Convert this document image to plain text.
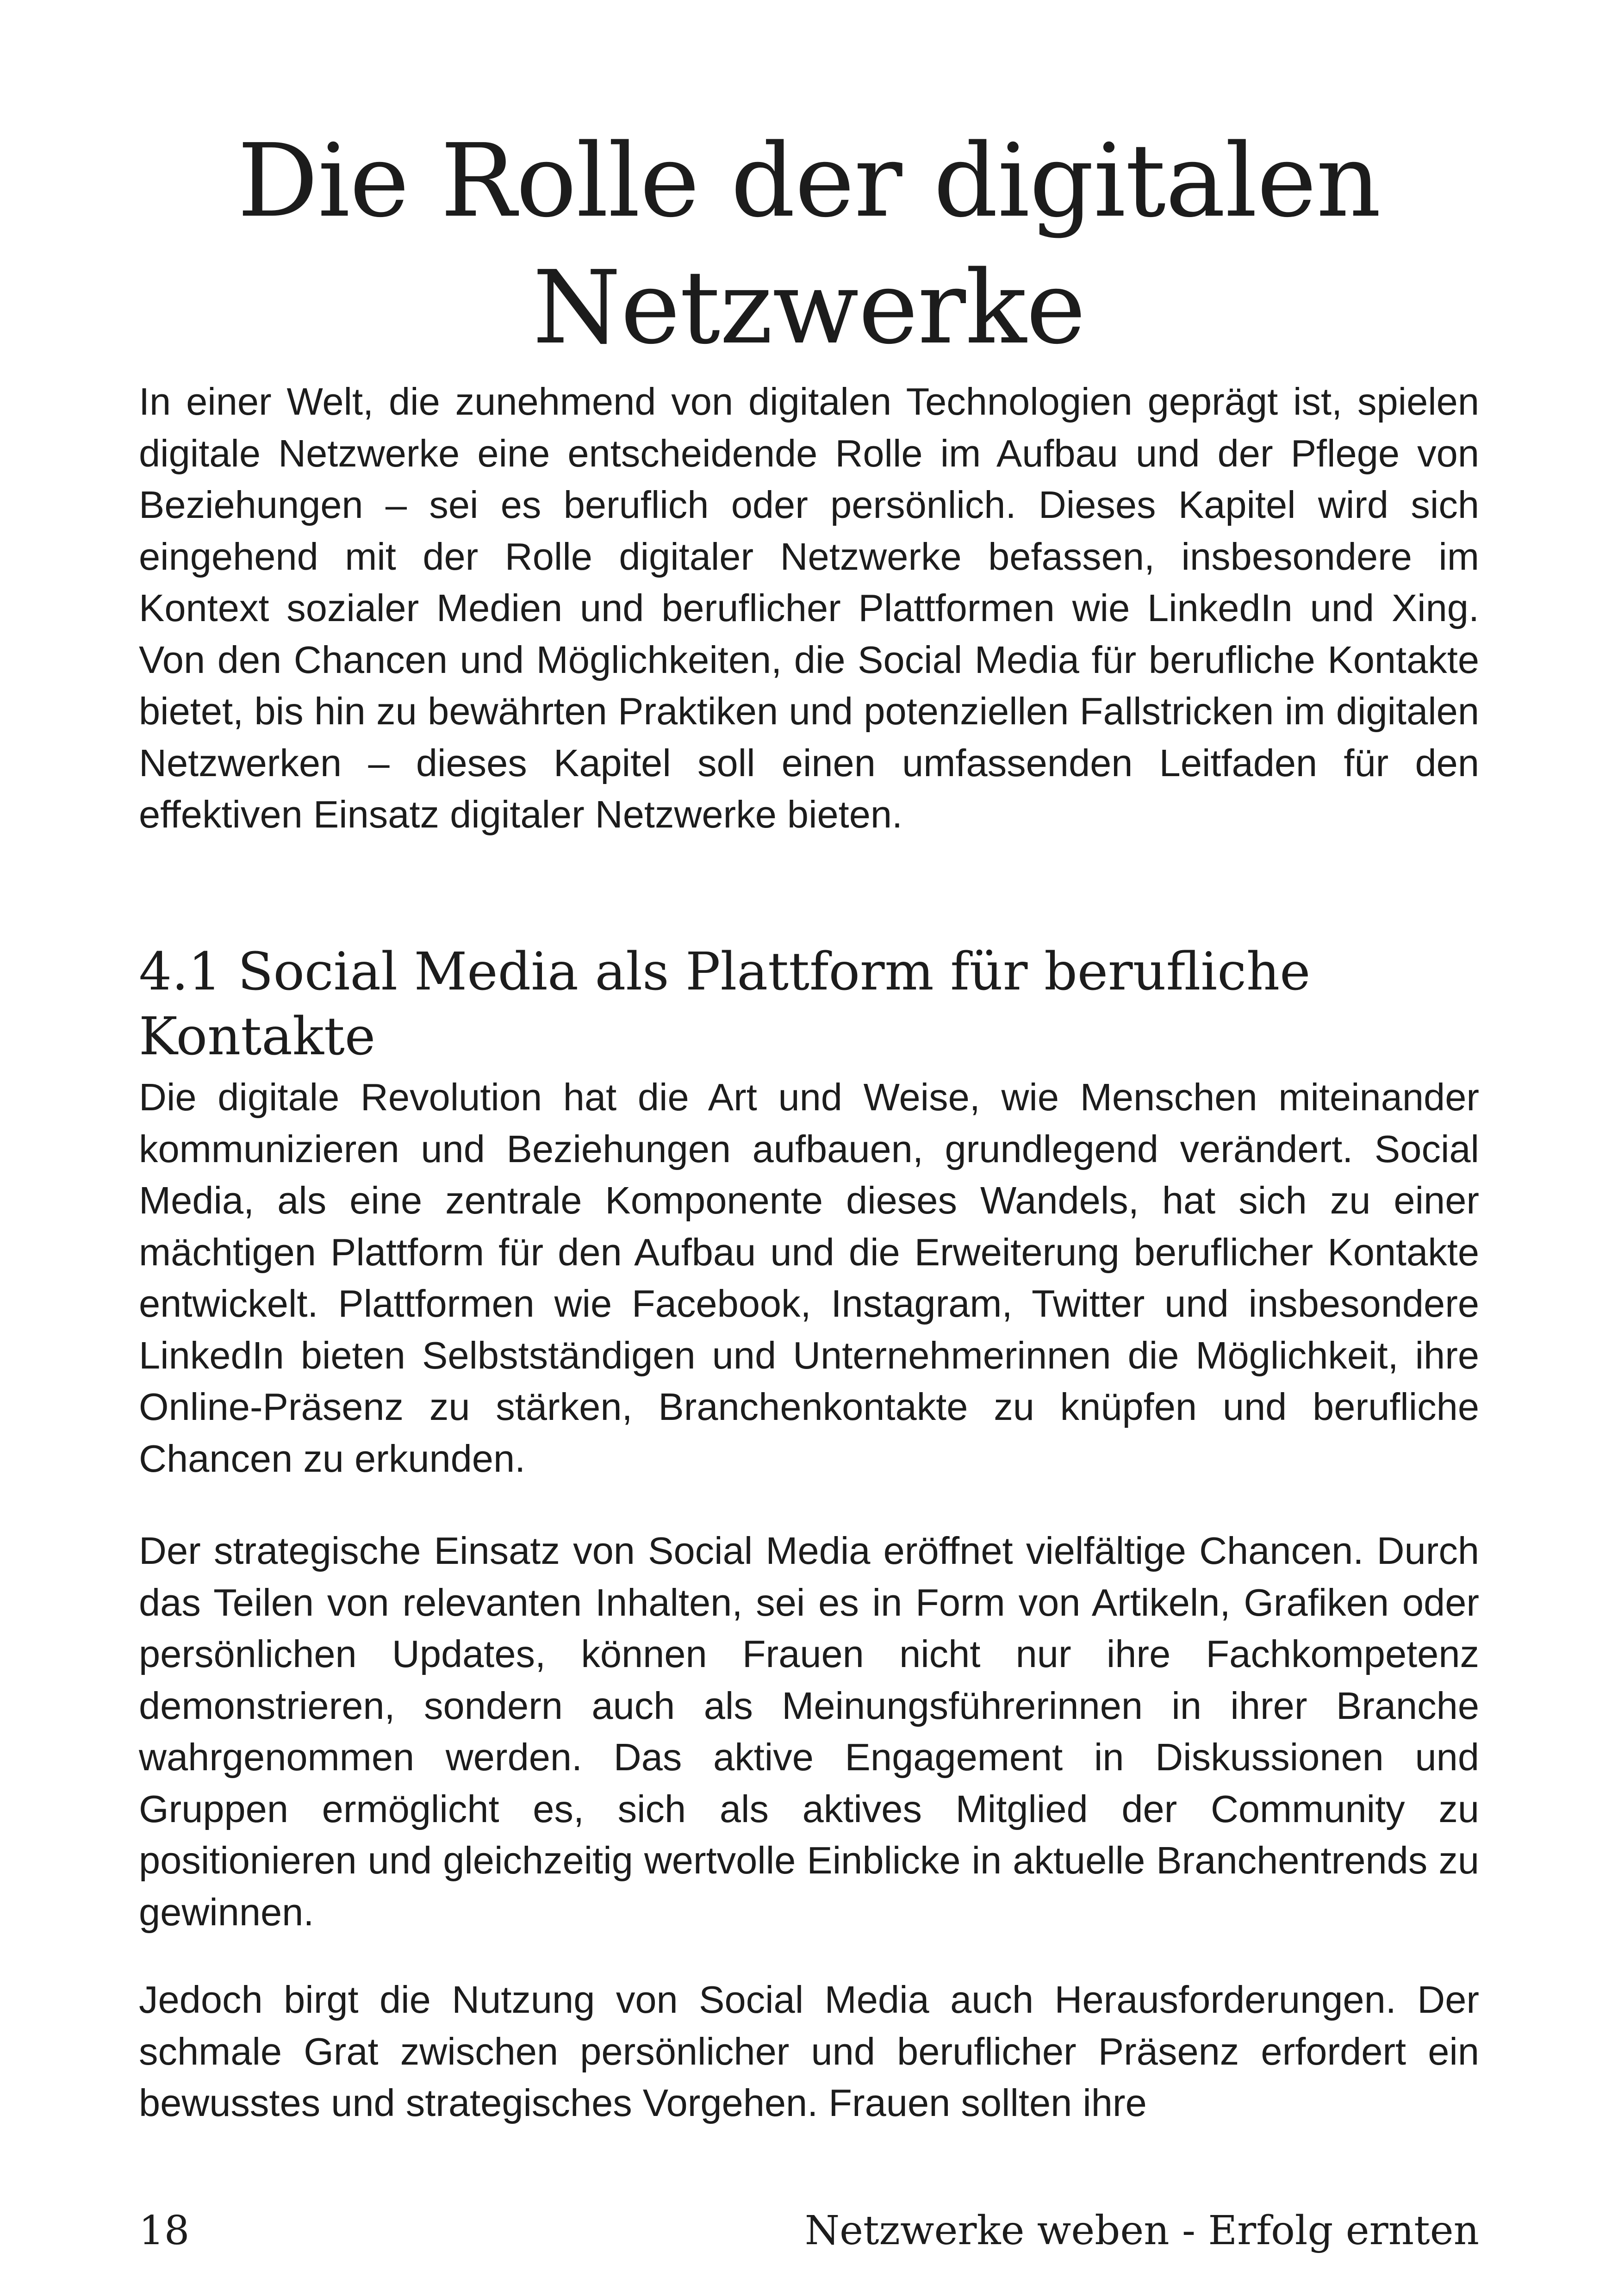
Die Rolle der digitalen Netzwerke

In einer Welt, die zunehmend von digitalen Technologien geprägt ist, spielen digitale Netzwerke eine entscheidende Rolle im Aufbau und der Pflege von Beziehungen – sei es beruflich oder persönlich. Dieses Kapitel wird sich eingehend mit der Rolle digitaler Netzwerke befassen, insbesondere im Kontext sozialer Medien und beruflicher Plattformen wie LinkedIn und Xing. Von den Chancen und Möglichkeiten, die Social Media für berufliche Kontakte bietet, bis hin zu bewährten Praktiken und potenziellen Fallstricken im digitalen Netzwerken – dieses Kapitel soll einen umfassenden Leitfaden für den effektiven Einsatz digitaler Netzwerke bieten.

4.1 Social Media als Plattform für berufliche Kontakte

Die digitale Revolution hat die Art und Weise, wie Menschen miteinander kommunizieren und Beziehungen aufbauen, grundlegend verändert. Social Media, als eine zentrale Komponente dieses Wandels, hat sich zu einer mächtigen Plattform für den Aufbau und die Erweiterung beruflicher Kontakte entwickelt. Plattformen wie Facebook, Instagram, Twitter und insbesondere LinkedIn bieten Selbstständigen und Unternehmerinnen die Möglichkeit, ihre Online-Präsenz zu stärken, Branchenkontakte zu knüpfen und berufliche Chancen zu erkunden.

Der strategische Einsatz von Social Media eröffnet vielfältige Chancen. Durch das Teilen von relevanten Inhalten, sei es in Form von Artikeln, Grafiken oder persönlichen Updates, können Frauen nicht nur ihre Fachkompetenz demonstrieren, sondern auch als Meinungsführerinnen in ihrer Branche wahrgenommen werden. Das aktive Engagement in Diskussionen und Gruppen ermöglicht es, sich als aktives Mitglied der Community zu positionieren und gleichzeitig wertvolle Einblicke in aktuelle Branchentrends zu gewinnen.

Jedoch birgt die Nutzung von Social Media auch Herausforderungen. Der schmale Grat zwischen persönlicher und beruflicher Präsenz erfordert ein bewusstes und strategisches Vorgehen. Frauen sollten ihre

18	Netzwerke weben - Erfolg ernten
